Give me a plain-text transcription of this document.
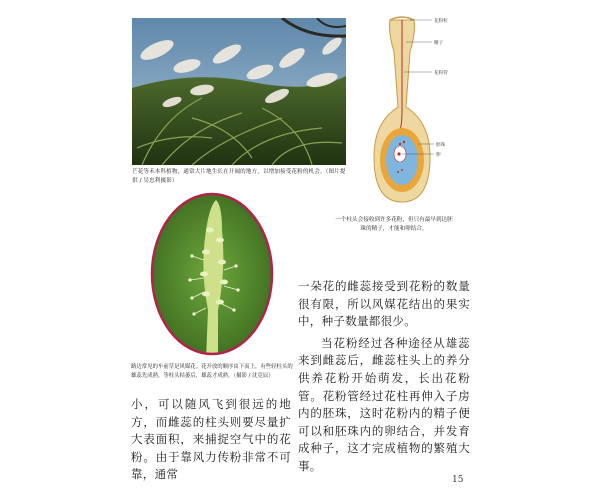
芒花等禾本科植物，通常大片地生长在开阔的地方，以增加接受花粉的机会。（图片提供 / 吴忠利摄影）
花粉粒
精子
花粉管
胚珠
卵
一个柱头会接收到许多花粉，但只有最早到达胚珠的精子，才能和卵结合。
路边常见的车前草是风媒花。花开放的顺序由下而上，有些轻柱头的雄蕊先成熟，等柱头枯萎后，雄蕊才成熟。（摄影 / 沈竞辰）

一朵花的雌蕊接受到花粉的数量很有限，所以风媒花结出的果实中，种子数量都很少。

当花粉经过各种途径从雄蕊来到雌蕊后，雌蕊柱头上的养分供养花粉开始萌发，长出花粉管。花粉管经过花柱再伸入子房内的胚珠，这时花粉内的精子便可以和胚珠内的卵结合，并发育成种子，这才完成植物的繁殖大事。

小，可以随风飞到很远的地方，而雌蕊的柱头则要尽量扩大表面积，来捕捉空气中的花粉。由于靠风力传粉非常不可靠，通常	15
